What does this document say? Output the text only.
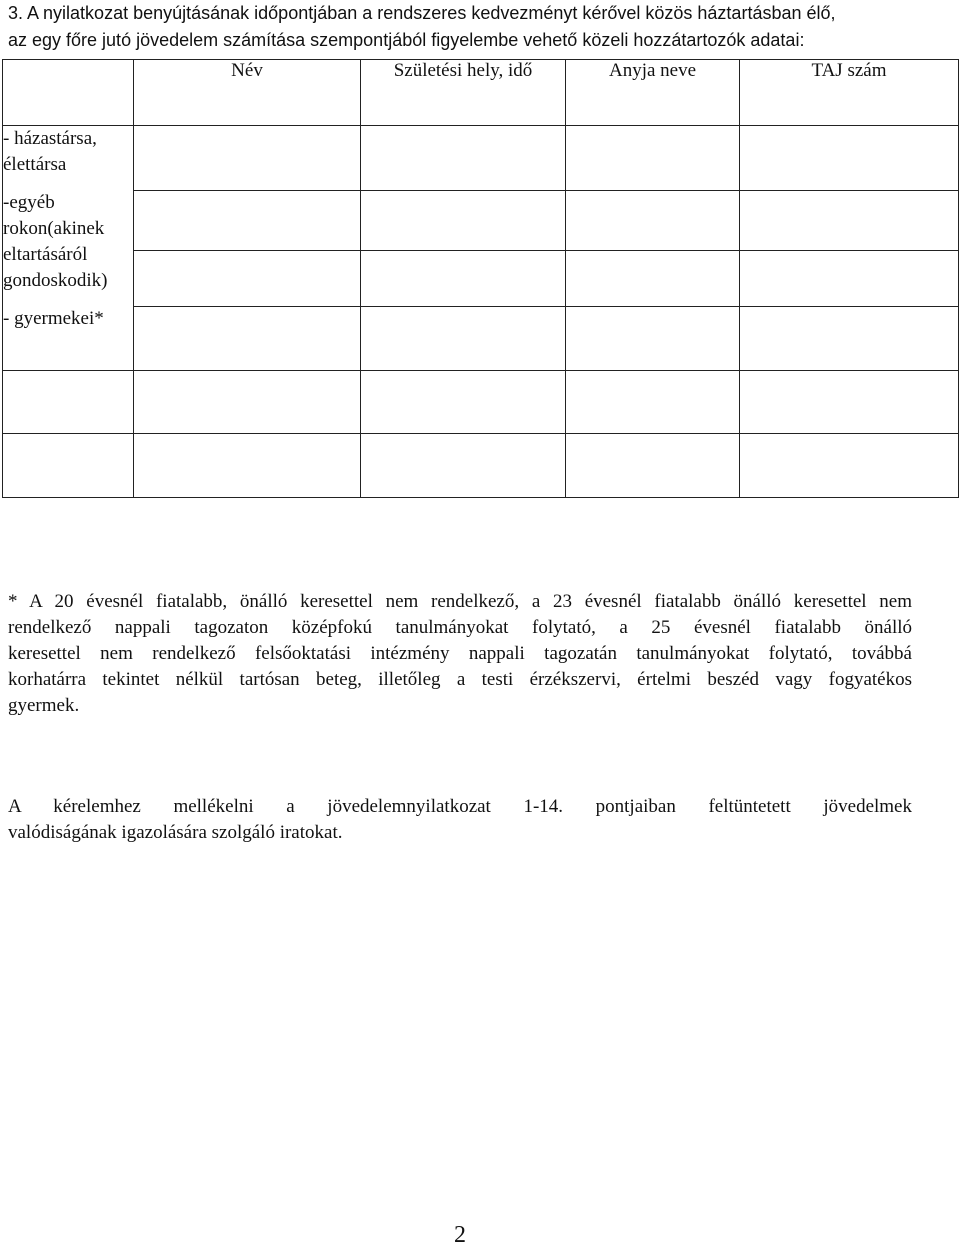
3. A nyilatkozat benyújtásának időpontjában a rendszeres kedvezményt kérővel közös háztartásban élő,
az egy főre jutó jövedelem számítása szempontjából figyelembe vehető közeli hozzátartozók adatai:
	Név	Születési hely, idő	Anyja neve	TAJ szám

- házastársa, élettársa
-egyéb rokon(akinek eltartásáról gondoskodik)
- gyermekei*				

* A 20 évesnél fiatalabb, önálló keresettel nem rendelkező, a 23 évesnél fiatalabb önálló keresettel nem
rendelkező nappali tagozaton középfokú tanulmányokat folytató, a 25 évesnél fiatalabb önálló
keresettel nem rendelkező felsőoktatási intézmény nappali tagozatán tanulmányokat folytató, továbbá
korhatárra tekintet nélkül tartósan beteg, illetőleg a testi érzékszervi, értelmi beszéd vagy fogyatékos
gyermek.
A kérelemhez mellékelni a jövedelemnyilatkozat 1-14. pontjaiban feltüntetett jövedelmek
valódiságának igazolására szolgáló iratokat.
2
